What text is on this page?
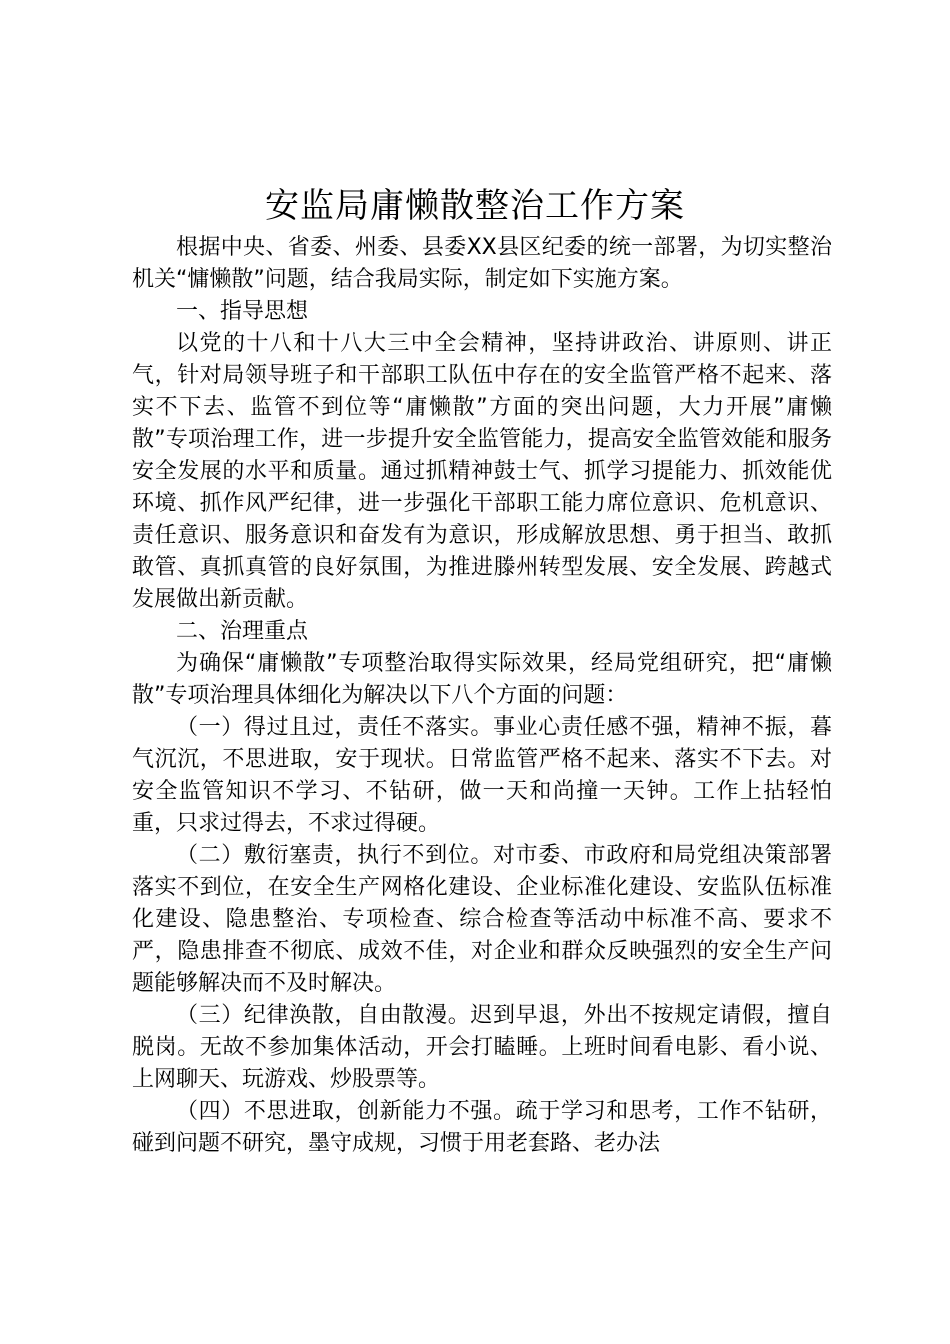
安监局庸懒散整治工作方案

根据中央、省委、州委、县委XX县区纪委的统一部署，为切实整治机关“慵懒散”问题，结合我局实际，制定如下实施方案。

一、指导思想

以党的十八和十八大三中全会精神，坚持讲政治、讲原则、讲正气，针对局领导班子和干部职工队伍中存在的安全监管严格不起来、落实不下去、监管不到位等“庸懒散”方面的突出问题，大力开展”庸懒散”专项治理工作，进一步提升安全监管能力，提高安全监管效能和服务安全发展的水平和质量。通过抓精神鼓士气、抓学习提能力、抓效能优环境、抓作风严纪律，进一步强化干部职工能力席位意识、危机意识、责任意识、服务意识和奋发有为意识，形成解放思想、勇于担当、敢抓敢管、真抓真管的良好氛围，为推进滕州转型发展、安全发展、跨越式发展做出新贡献。

二、治理重点

为确保“庸懒散”专项整治取得实际效果，经局党组研究，把“庸懒散”专项治理具体细化为解决以下八个方面的问题：

（一）得过且过，责任不落实。事业心责任感不强，精神不振，暮气沉沉，不思进取，安于现状。日常监管严格不起来、落实不下去。对安全监管知识不学习、不钻研，做一天和尚撞一天钟。工作上拈轻怕重，只求过得去，不求过得硬。

（二）敷衍塞责，执行不到位。对市委、市政府和局党组决策部署落实不到位，在安全生产网格化建设、企业标准化建设、安监队伍标准化建设、隐患整治、专项检查、综合检查等活动中标准不高、要求不严，隐患排查不彻底、成效不佳，对企业和群众反映强烈的安全生产问题能够解决而不及时解决。

（三）纪律涣散，自由散漫。迟到早退，外出不按规定请假，擅自脱岗。无故不参加集体活动，开会打瞌睡。上班时间看电影、看小说、上网聊天、玩游戏、炒股票等。

（四）不思进取，创新能力不强。疏于学习和思考，工作不钻研，碰到问题不研究，墨守成规，习惯于用老套路、老办法
